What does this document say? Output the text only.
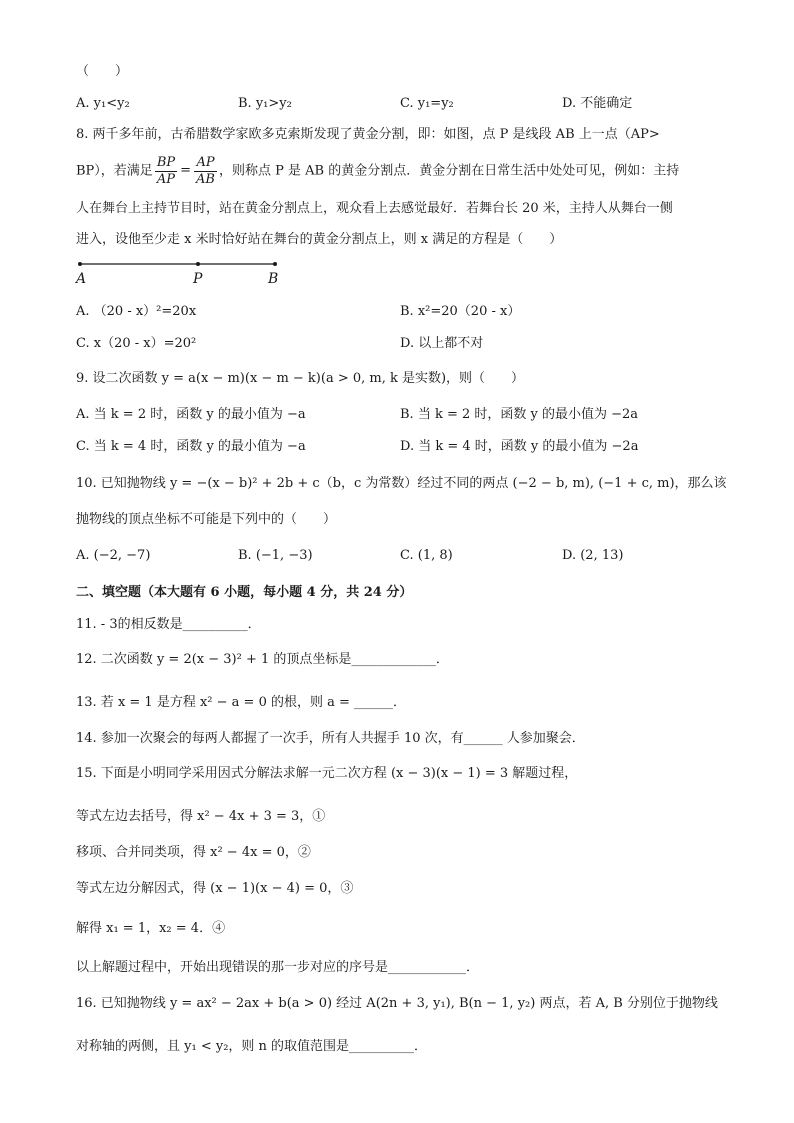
（　　）
A. y₁<y₂	B. y₁>y₂	C. y₁=y₂	D. 不能确定
8. 两千多年前，古希腊数学家欧多克索斯发现了黄金分割，即：如图，点 P 是线段 AB 上一点（AP>
BP），若满足 $\frac{BP}{AP} = \frac{AP}{AB}$ ，则称点 P 是 AB 的黄金分割点．黄金分割在日常生活中处处可见，例如：主持
人在舞台上主持节目时，站在黄金分割点上，观众看上去感觉最好．若舞台长 20 米，主持人从舞台一侧
进入，设他至少走 x 米时恰好站在舞台的黄金分割点上，则 x 满足的方程是（　　）
A	P	B
A. （20 - x）²=20x	B. x²=20（20 - x）
C. x（20 - x）=20²	D. 以上都不对
9. 设二次函数 y = a(x − m)(x − m − k)(a > 0, m, k 是实数)，则（　　）
A. 当 k = 2 时，函数 y 的最小值为 −a	B. 当 k = 2 时，函数 y 的最小值为 −2a
C. 当 k = 4 时，函数 y 的最小值为 −a	D. 当 k = 4 时，函数 y 的最小值为 −2a
10. 已知抛物线 y = −(x − b)² + 2b + c（b，c 为常数）经过不同的两点 (−2 − b, m), (−1 + c, m)，那么该
抛物线的顶点坐标不可能是下列中的（　　）
A. (−2, −7)	B. (−1, −3)	C. (1, 8)	D. (2, 13)
二、填空题（本大题有 6 小题，每小题 4 分，共 24 分）
11. - 3的相反数是__________．
12. 二次函数 y = 2(x − 3)² + 1 的顶点坐标是_____________．
13. 若 x = 1 是方程 x² − a = 0 的根，则 a = ______．
14. 参加一次聚会的每两人都握了一次手，所有人共握手 10 次，有______ 人参加聚会．
15. 下面是小明同学采用因式分解法求解一元二次方程 (x − 3)(x − 1) = 3 解题过程，
等式左边去括号，得 x² − 4x + 3 = 3，①
移项、合并同类项，得 x² − 4x = 0，②
等式左边分解因式，得 (x − 1)(x − 4) = 0，③
解得 x₁ = 1，x₂ = 4．④
以上解题过程中，开始出现错误的那一步对应的序号是____________．
16. 已知抛物线 y = ax² − 2ax + b(a > 0) 经过 A(2n + 3, y₁), B(n − 1, y₂) 两点，若 A, B 分别位于抛物线
对称轴的两侧，且 y₁ < y₂，则 n 的取值范围是__________．
